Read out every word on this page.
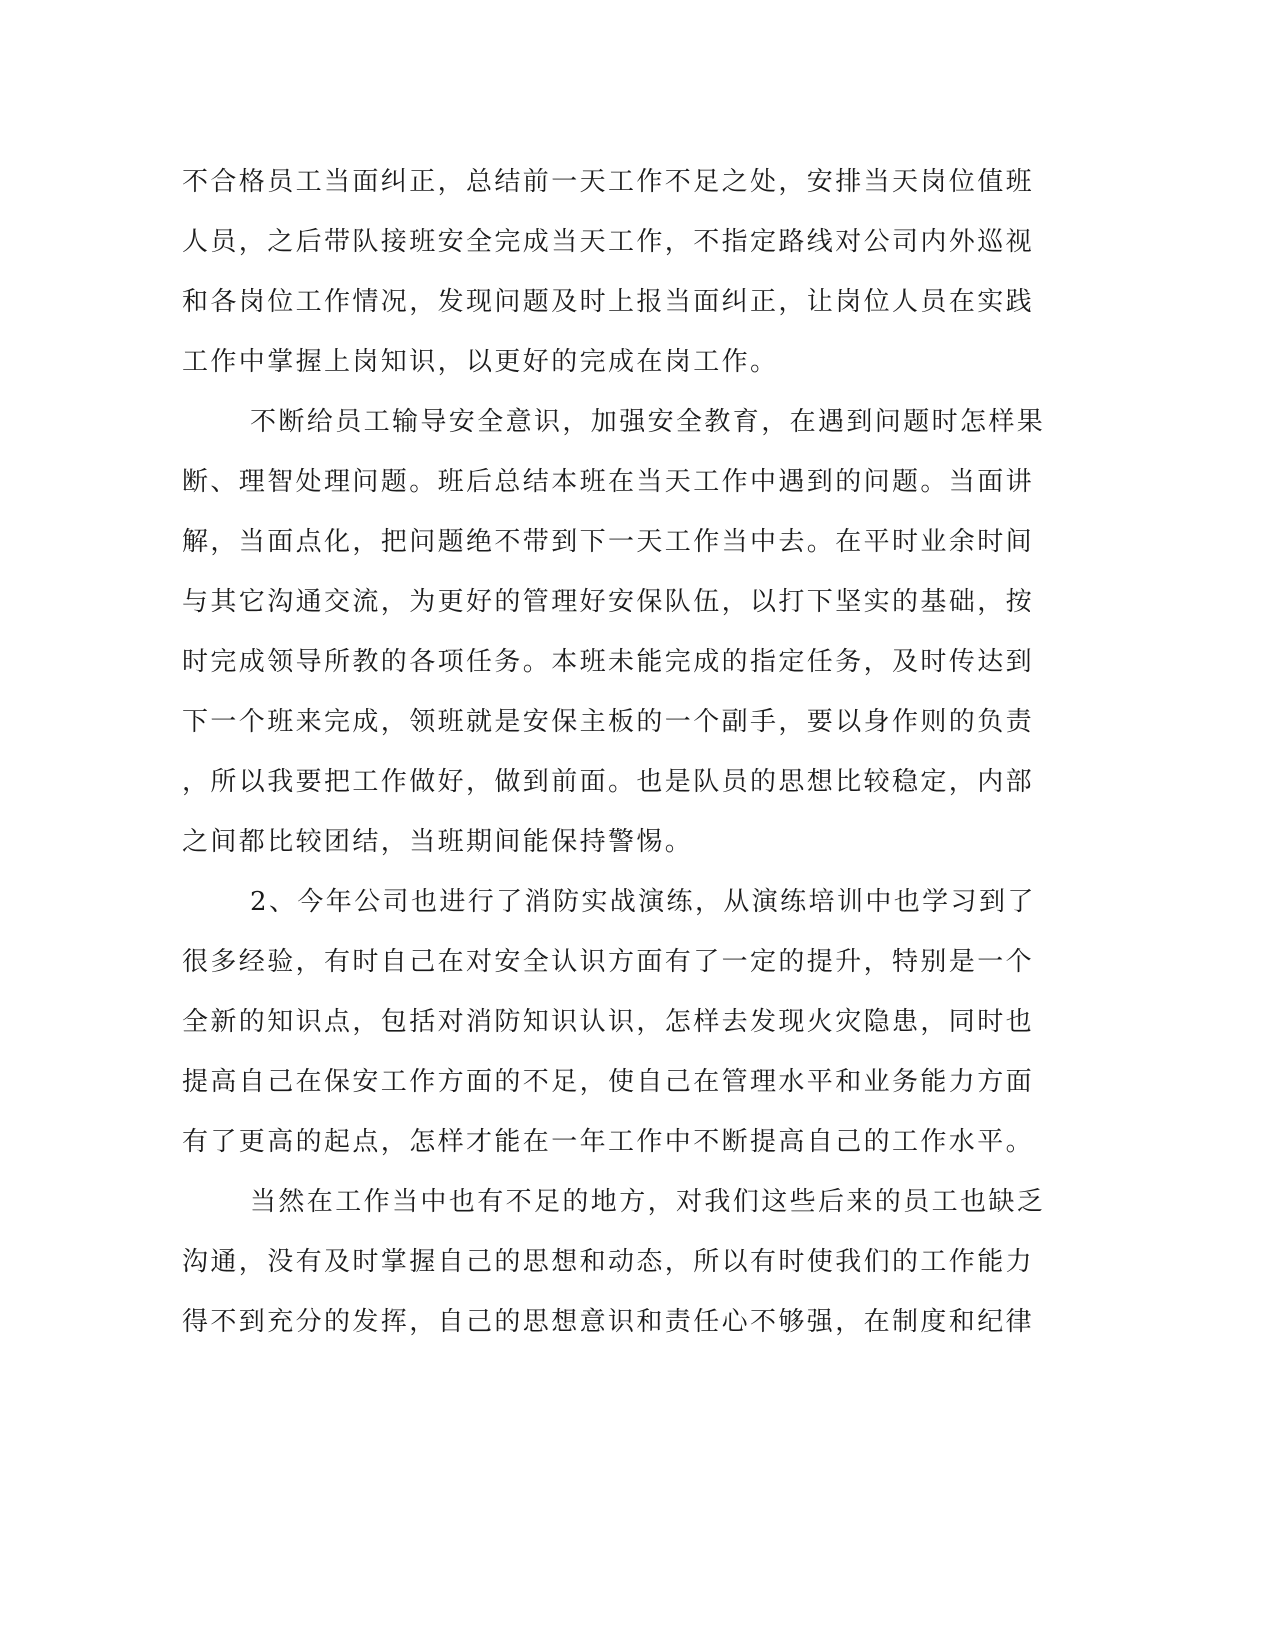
不合格员工当面纠正，总结前一天工作不足之处，安排当天岗位值班
人员，之后带队接班安全完成当天工作，不指定路线对公司内外巡视
和各岗位工作情况，发现问题及时上报当面纠正，让岗位人员在实践
工作中掌握上岗知识，以更好的完成在岗工作。
不断给员工输导安全意识，加强安全教育，在遇到问题时怎样果
断、理智处理问题。班后总结本班在当天工作中遇到的问题。当面讲
解，当面点化，把问题绝不带到下一天工作当中去。在平时业余时间
与其它沟通交流，为更好的管理好安保队伍，以打下坚实的基础，按
时完成领导所教的各项任务。本班未能完成的指定任务，及时传达到
下一个班来完成，领班就是安保主板的一个副手，要以身作则的负责
，所以我要把工作做好，做到前面。也是队员的思想比较稳定，内部
之间都比较团结，当班期间能保持警惕。
2、今年公司也进行了消防实战演练，从演练培训中也学习到了
很多经验，有时自己在对安全认识方面有了一定的提升，特别是一个
全新的知识点，包括对消防知识认识，怎样去发现火灾隐患，同时也
提高自己在保安工作方面的不足，使自己在管理水平和业务能力方面
有了更高的起点，怎样才能在一年工作中不断提高自己的工作水平。
当然在工作当中也有不足的地方，对我们这些后来的员工也缺乏
沟通，没有及时掌握自己的思想和动态，所以有时使我们的工作能力
得不到充分的发挥，自己的思想意识和责任心不够强，在制度和纪律
